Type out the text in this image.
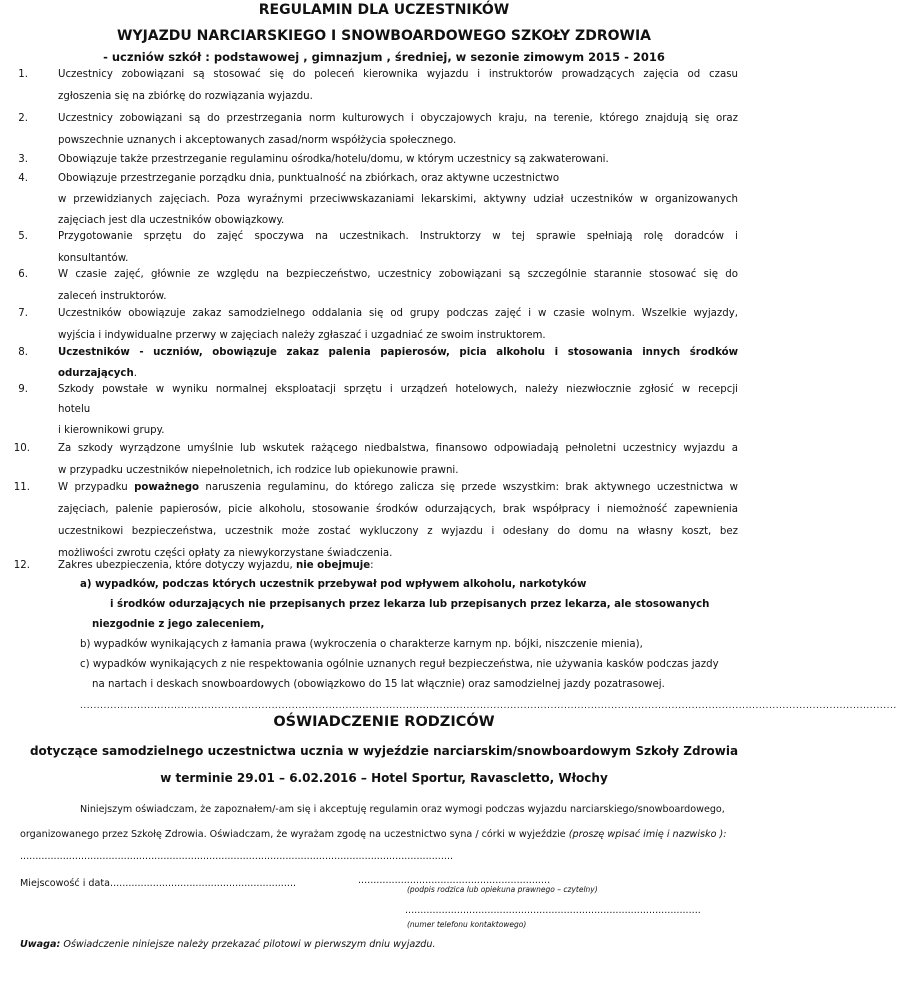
REGULAMIN DLA UCZESTNIKÓW
WYJAZDU NARCIARSKIEGO I SNOWBOARDOWEGO SZKOŁY ZDROWIA
- uczniów szkół : podstawowej , gimnazjum , średniej, w sezonie zimowym 2015 - 2016
1.	Uczestnicy zobowiązani są stosować się do poleceń kierownika wyjazdu i instruktorów prowadzących zajęcia od czasu
zgłoszenia się na zbiórkę do rozwiązania wyjazdu.
2.	Uczestnicy zobowiązani są do przestrzegania norm kulturowych i obyczajowych kraju, na terenie, którego znajdują się oraz
powszechnie uznanych i akceptowanych zasad/norm współżycia społecznego.
3.	Obowiązuje także przestrzeganie regulaminu ośrodka/hotelu/domu, w którym uczestnicy są zakwaterowani.
4.	Obowiązuje przestrzeganie porządku dnia, punktualność na zbiórkach, oraz aktywne uczestnictwo
w przewidzianych zajęciach. Poza wyraźnymi przeciwwskazaniami lekarskimi, aktywny udział uczestników w organizowanych
zajęciach jest dla uczestników obowiązkowy.
5.	Przygotowanie sprzętu do zajęć spoczywa na uczestnikach. Instruktorzy w tej sprawie spełniają rolę doradców i
konsultantów.
6.	W czasie zajęć, głównie ze względu na bezpieczeństwo, uczestnicy zobowiązani są szczególnie starannie stosować się do
zaleceń instruktorów.
7.	Uczestników obowiązuje zakaz samodzielnego oddalania się od grupy podczas zajęć i w czasie wolnym. Wszelkie wyjazdy,
wyjścia i indywidualne przerwy w zajęciach należy zgłaszać i uzgadniać ze swoim instruktorem.
8.	Uczestników - uczniów, obowiązuje zakaz palenia papierosów, picia alkoholu i stosowania innych środków
odurzających.
9.	Szkody powstałe w wyniku normalnej eksploatacji sprzętu i urządzeń hotelowych, należy niezwłocznie zgłosić w recepcji
hotelu
i kierownikowi grupy.
10.	Za szkody wyrządzone umyślnie lub wskutek rażącego niedbalstwa, finansowo odpowiadają pełnoletni uczestnicy wyjazdu a
w przypadku uczestników niepełnoletnich, ich rodzice lub opiekunowie prawni.
11.	W przypadku poważnego naruszenia regulaminu, do którego zalicza się przede wszystkim: brak aktywnego uczestnictwa w
zajęciach, palenie papierosów, picie alkoholu, stosowanie środków odurzających, brak współpracy i niemożność zapewnienia
uczestnikowi bezpieczeństwa, uczestnik może zostać wykluczony z wyjazdu i odesłany do domu na własny koszt, bez
możliwości zwrotu części opłaty za niewykorzystane świadczenia.
12.	Zakres ubezpieczenia, które dotyczy wyjazdu, nie obejmuje:
a) wypadków, podczas których uczestnik przebywał pod wpływem alkoholu, narkotyków
i środków odurzających nie przepisanych przez lekarza lub przepisanych przez lekarza, ale stosowanych
niezgodnie z jego zaleceniem,
b) wypadków wynikających z łamania prawa (wykroczenia o charakterze karnym np. bójki, niszczenie mienia),
c) wypadków wynikających z nie respektowania ogólnie uznanych reguł bezpieczeństwa, nie używania kasków podczas jazdy
na nartach i deskach snowboardowych (obowiązkowo do 15 lat włącznie) oraz samodzielnej jazdy pozatrasowej.
.....
OŚWIADCZENIE RODZICÓW
dotyczące samodzielnego uczestnictwa ucznia w wyjeździe narciarskim/snowboardowym Szkoły Zdrowia
w terminie 29.01 – 6.02.2016 – Hotel Sportur, Ravascletto, Włochy
Niniejszym oświadczam, że zapoznałem/-am się i akceptuję regulamin oraz wymogi podczas wyjazdu narciarskiego/snowboardowego,
organizowanego przez Szkołę Zdrowia. Oświadczam, że wyrażam zgodę na uczestnictwo syna / córki w wyjeździe (proszę wpisać imię i nazwisko ):
..............................................................................................................................................
Miejscowość i data.............................................................	...............................................................
(podpis rodzica lub opiekuna prawnego – czytelny)
.................................................................................................
(numer telefonu kontaktowego)
Uwaga: Oświadczenie niniejsze należy przekazać pilotowi w pierwszym dniu wyjazdu.
